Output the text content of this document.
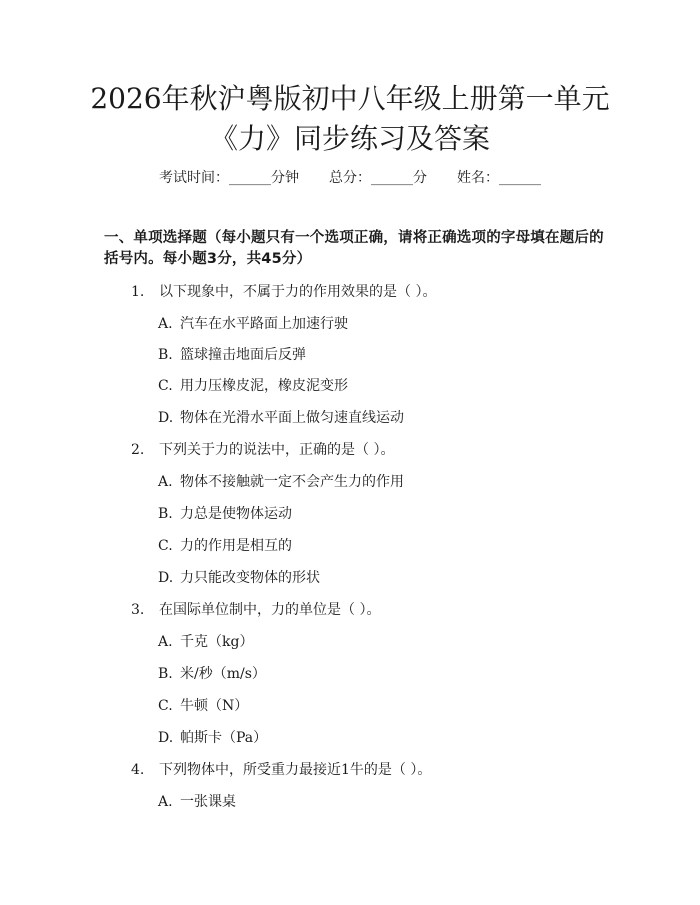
2026年秋沪粤版初中八年级上册第一单元
《力》同步练习及答案
考试时间：______分钟 总分：______分 姓名：______
一、单项选择题（每小题只有一个选项正确，请将正确选项的字母填在题后的括号内。每小题3分，共45分）
1. 以下现象中，不属于力的作用效果的是（ ）。
A. 汽车在水平路面上加速行驶
B. 篮球撞击地面后反弹
C. 用力压橡皮泥，橡皮泥变形
D. 物体在光滑水平面上做匀速直线运动
2. 下列关于力的说法中，正确的是（ ）。
A. 物体不接触就一定不会产生力的作用
B. 力总是使物体运动
C. 力的作用是相互的
D. 力只能改变物体的形状
3. 在国际单位制中，力的单位是（ ）。
A. 千克（kg）
B. 米/秒（m/s）
C. 牛顿（N）
D. 帕斯卡（Pa）
4. 下列物体中，所受重力最接近1牛的是（ ）。
A. 一张课桌
